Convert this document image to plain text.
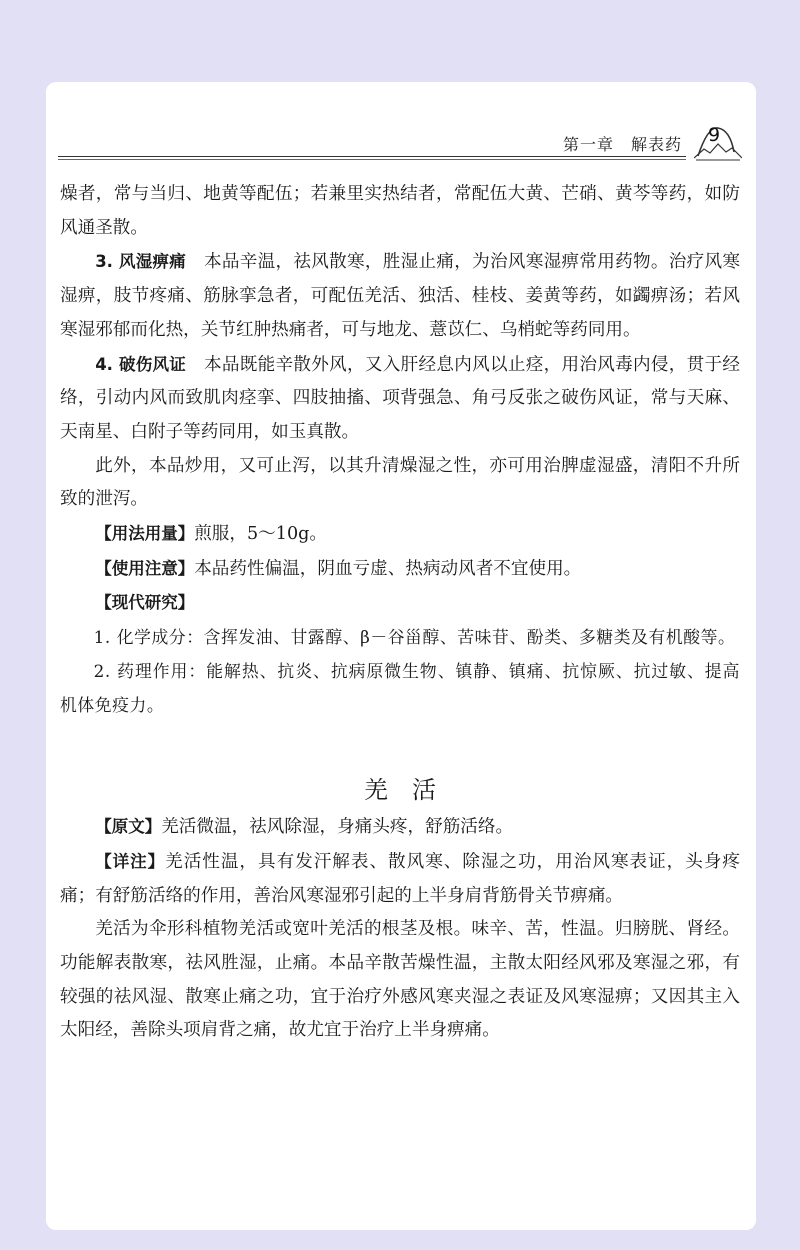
第一章　解表药	9

燥者，常与当归、地黄等配伍；若兼里实热结者，常配伍大黄、芒硝、黄芩等药，如防风通圣散。

3. 风湿痹痛　本品辛温，祛风散寒，胜湿止痛，为治风寒湿痹常用药物。治疗风寒湿痹，肢节疼痛、筋脉挛急者，可配伍羌活、独活、桂枝、姜黄等药，如蠲痹汤；若风寒湿邪郁而化热，关节红肿热痛者，可与地龙、薏苡仁、乌梢蛇等药同用。

4. 破伤风证　本品既能辛散外风，又入肝经息内风以止痉，用治风毒内侵，贯于经络，引动内风而致肌肉痉挛、四肢抽搐、项背强急、角弓反张之破伤风证，常与天麻、天南星、白附子等药同用，如玉真散。

此外，本品炒用，又可止泻，以其升清燥湿之性，亦可用治脾虚湿盛，清阳不升所致的泄泻。

【用法用量】煎服，5～10g。

【使用注意】本品药性偏温，阴血亏虚、热病动风者不宜使用。

【现代研究】

1. 化学成分：含挥发油、甘露醇、β－谷甾醇、苦味苷、酚类、多糖类及有机酸等。

2. 药理作用：能解热、抗炎、抗病原微生物、镇静、镇痛、抗惊厥、抗过敏、提高机体免疫力。

羌活

【原文】羌活微温，祛风除湿，身痛头疼，舒筋活络。

【详注】羌活性温，具有发汗解表、散风寒、除湿之功，用治风寒表证，头身疼痛；有舒筋活络的作用，善治风寒湿邪引起的上半身肩背筋骨关节痹痛。

羌活为伞形科植物羌活或宽叶羌活的根茎及根。味辛、苦，性温。归膀胱、肾经。功能解表散寒，祛风胜湿，止痛。本品辛散苦燥性温，主散太阳经风邪及寒湿之邪，有较强的祛风湿、散寒止痛之功，宜于治疗外感风寒夹湿之表证及风寒湿痹；又因其主入太阳经，善除头项肩背之痛，故尤宜于治疗上半身痹痛。
